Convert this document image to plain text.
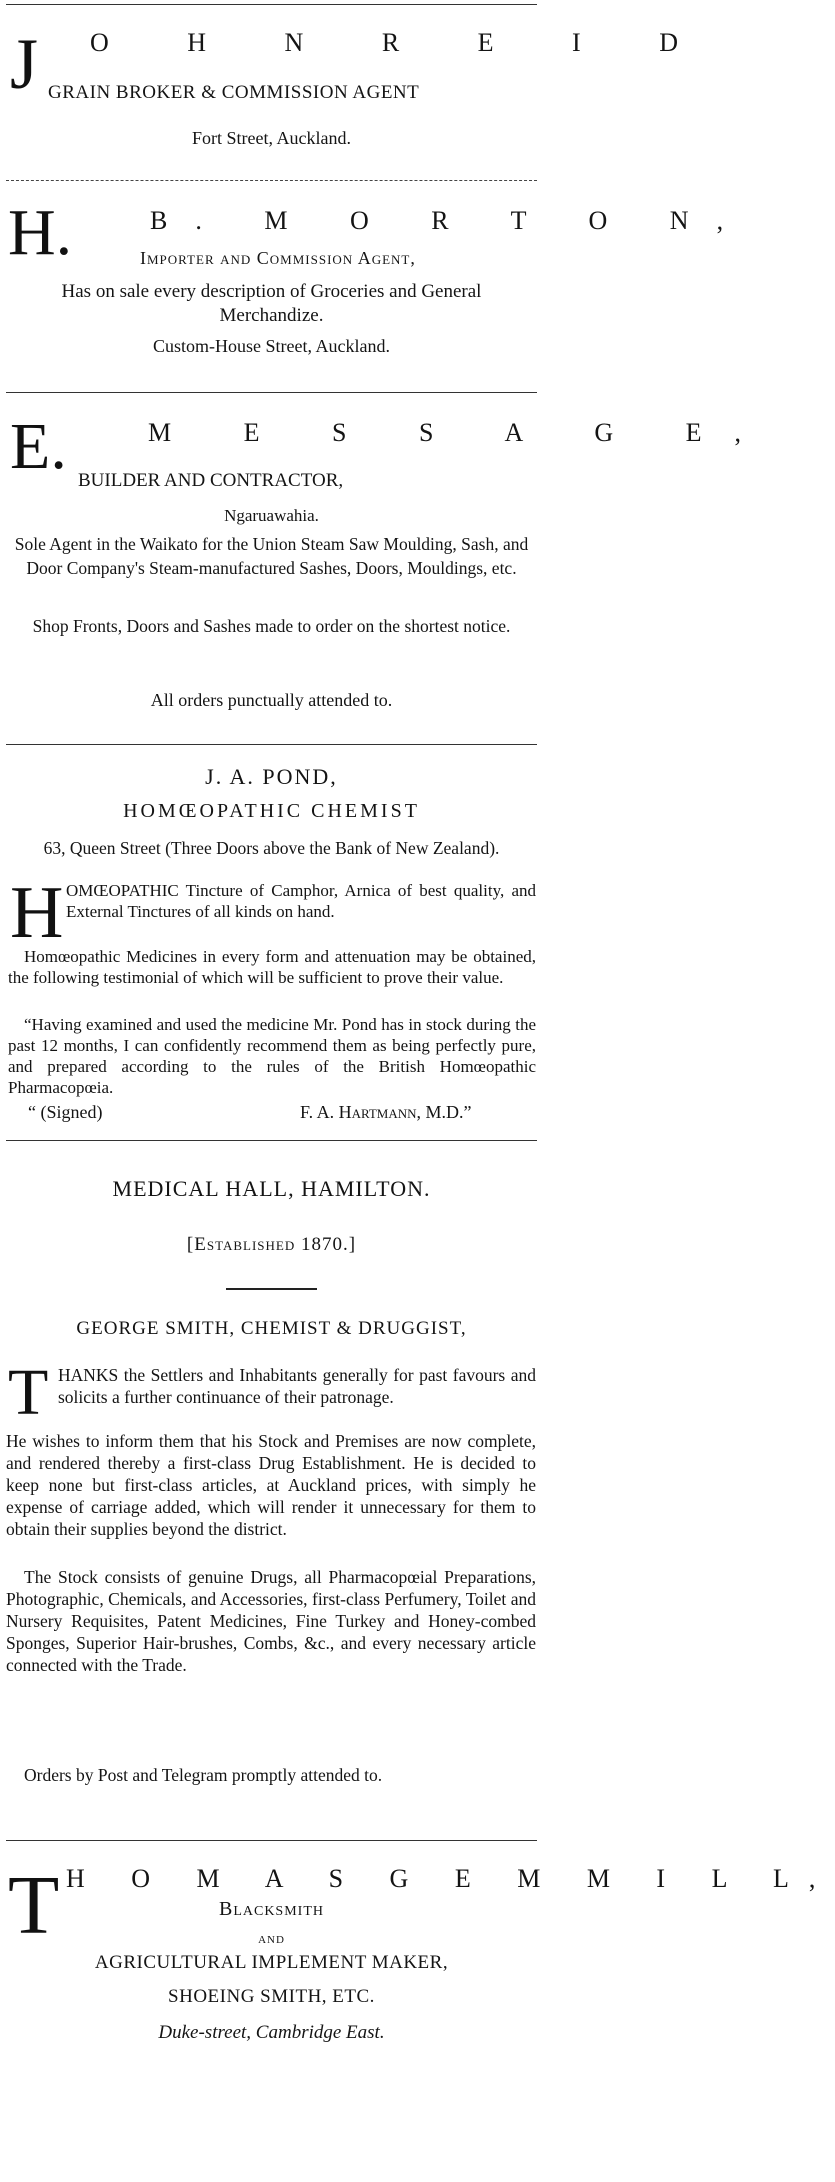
J O H N R E I D
GRAIN BROKER & COMMISSION AGENT
Fort Street, Auckland.
H.	B. M O R T O N,
Importer and Commission Agent,
Has on sale every description of Groceries and General Merchandize.
Custom-House Street, Auckland.
E.	M E S S A G E,
BUILDER AND CONTRACTOR,
Ngaruawahia.
Sole Agent in the Waikato for the Union Steam Saw Moulding, Sash, and Door Company's Steam-manufactured Sashes, Doors, Mouldings, etc.
Shop Fronts, Doors and Sashes made to order on the shortest notice.
All orders punctually attended to.
J. A. POND,
HOMŒOPATHIC CHEMIST
63, Queen Street (Three Doors above the Bank of New Zealand).
H OMŒOPATHIC Tincture of Camphor, Arnica of best quality, and External Tinctures of all kinds on hand.
Homœopathic Medicines in every form and attenuation may be obtained, the following testimonial of which will be sufficient to prove their value.
“Having examined and used the medicine Mr. Pond has in stock during the past 12 months, I can confidently recommend them as being perfectly pure, and prepared according to the rules of the British Homœopathic Pharmacopœia.
“ (Signed)	F. A. Hartmann, M.D.”
MEDICAL HALL, HAMILTON.
[Established 1870.]
GEORGE SMITH, CHEMIST & DRUGGIST,
T HANKS the Settlers and Inhabitants generally for past favours and solicits a further continuance of their patronage.
He wishes to inform them that his Stock and Premises are now complete, and rendered thereby a first-class Drug Establishment. He is decided to keep none but first-class articles, at Auckland prices, with simply he expense of carriage added, which will render it unnecessary for them to obtain their supplies beyond the district.
The Stock consists of genuine Drugs, all Pharmacopœial Preparations, Photographic, Chemicals, and Accessories, first-class Perfumery, Toilet and Nursery Requisites, Patent Medicines, Fine Turkey and Honey-combed Sponges, Superior Hair-brushes, Combs, &c., and every necessary article connected with the Trade.
Orders by Post and Telegram promptly attended to.
T H O M A S G E M M I L L,
Blacksmith
AND
AGRICULTURAL IMPLEMENT MAKER,
SHOEING SMITH, ETC.
Duke-street, Cambridge East.
